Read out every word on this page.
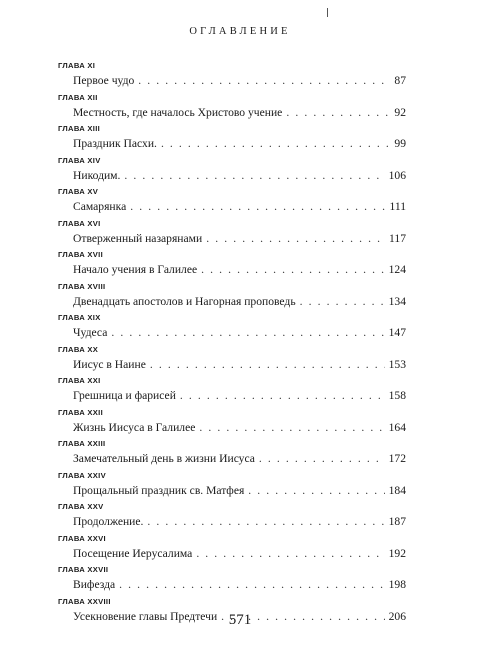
ОГЛАВЛЕНИЕ
ГЛАВА XI
Первое чудо . . .	87
ГЛАВА XII
Местность, где началось Христово учение . . .	92
ГЛАВА XIII
Праздник Пасхи. . . .	99
ГЛАВА XIV
Никодим. . . .	106
ГЛАВА XV
Самарянка . . .	111
ГЛАВА XVI
Отверженный назарянами . . .	117
ГЛАВА XVII
Начало учения в Галилее . . .	124
ГЛАВА XVIII
Двенадцать апостолов и Нагорная проповедь . . .	134
ГЛАВА XIX
Чудеса . . .	147
ГЛАВА XX
Иисус в Наине . . .	153
ГЛАВА XXI
Грешница и фарисей . . .	158
ГЛАВА XXII
Жизнь Иисуса в Галилее . . .	164
ГЛАВА XXIII
Замечательный день в жизни Иисуса . . .	172
ГЛАВА XXIV
Прощальный праздник св. Матфея . . .	184
ГЛАВА XXV
Продолжение. . . .	187
ГЛАВА XXVI
Посещение Иерусалима . . .	192
ГЛАВА XXVII
Вифезда . . .	198
ГЛАВА XXVIII
Усекновение главы Предтечи . . .	206
571
